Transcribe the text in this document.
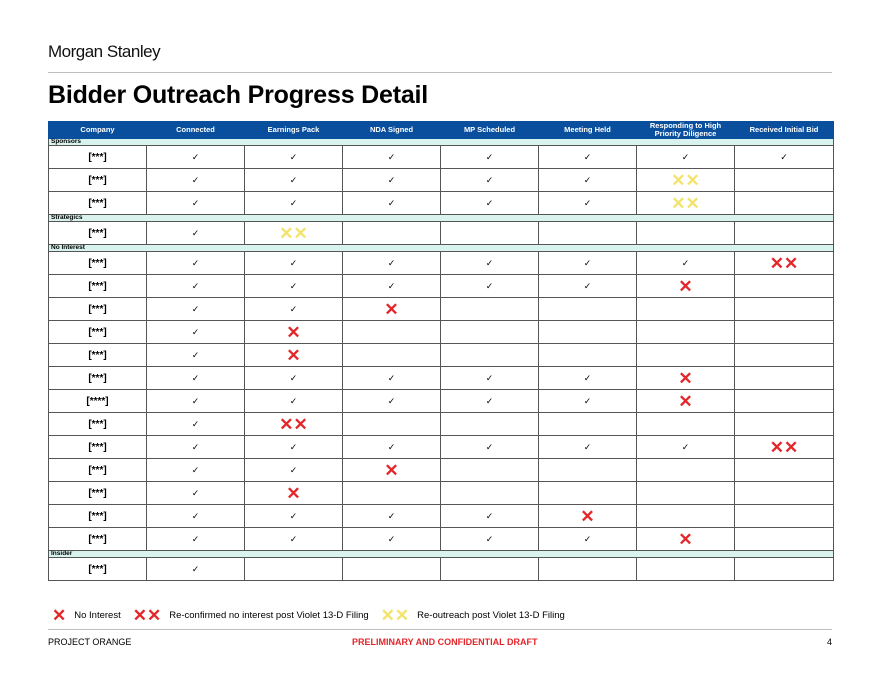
Morgan Stanley
Bidder Outreach Progress Detail
Company	Connected	Earnings Pack	NDA Signed	MP Scheduled	Meeting Held	Responding to High Priority Diligence	Received Initial Bid
Sponsors							
[***]	✓	✓	✓	✓	✓	✓	✓
[***]	✓	✓	✓	✓	✓	✕✕	
[***]	✓	✓	✓	✓	✓	✕✕	
Strategics							
[***]	✓	✕✕					
No Interest							
[***]	✓	✓	✓	✓	✓	✓	✕✕
[***]	✓	✓	✓	✓	✓	✕	
[***]	✓	✓	✕				
[***]	✓	✕					
[***]	✓	✕					
[***]	✓	✓	✓	✓	✓	✕	
[****]	✓	✓	✓	✓	✓	✕	
[***]	✓	✕✕					
[***]	✓	✓	✓	✓	✓	✓	✕✕
[***]	✓	✓	✕				
[***]	✓	✕					
[***]	✓	✓	✓	✓	✕		
[***]	✓	✓	✓	✓	✓	✕	
Insider							
[***]	✓						
✕ No Interest ✕✕ Re-confirmed no interest post Violet 13-D Filing ✕✕ Re-outreach post Violet 13-D Filing
PROJECT ORANGE	PRELIMINARY AND CONFIDENTIAL DRAFT	4
